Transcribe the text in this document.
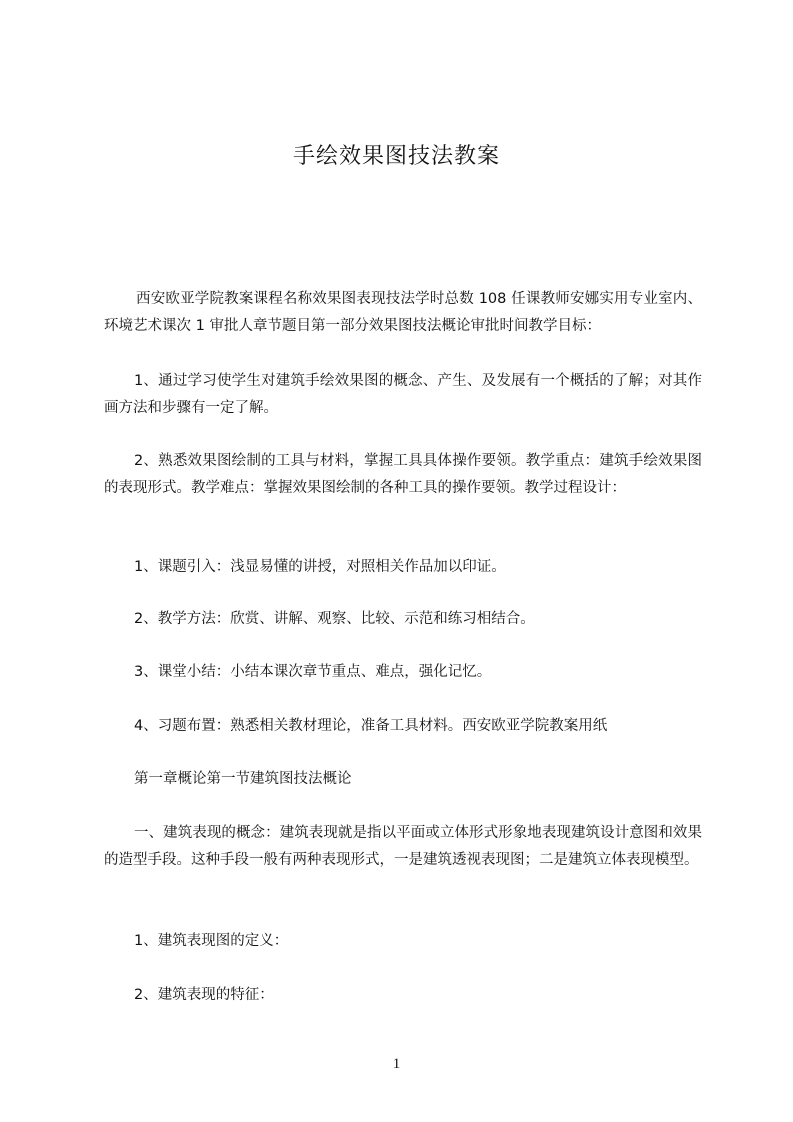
手绘效果图技法教案

西安欧亚学院教案课程名称效果图表现技法学时总数 108 任课教师安娜实用专业室内、环境艺术课次 1 审批人章节题目第一部分效果图技法概论审批时间教学目标：

1、通过学习使学生对建筑手绘效果图的概念、产生、及发展有一个概括的了解；对其作画方法和步骤有一定了解。

2、熟悉效果图绘制的工具与材料，掌握工具具体操作要领。教学重点：建筑手绘效果图的表现形式。教学难点：掌握效果图绘制的各种工具的操作要领。教学过程设计：

1、课题引入：浅显易懂的讲授，对照相关作品加以印证。

2、教学方法：欣赏、讲解、观察、比较、示范和练习相结合。

3、课堂小结：小结本课次章节重点、难点，强化记忆。

4、习题布置：熟悉相关教材理论，准备工具材料。西安欧亚学院教案用纸

第一章概论第一节建筑图技法概论

一、建筑表现的概念：建筑表现就是指以平面或立体形式形象地表现建筑设计意图和效果的造型手段。这种手段一般有两种表现形式，一是建筑透视表现图；二是建筑立体表现模型。

1、建筑表现图的定义：

2、建筑表现的特征：

1
